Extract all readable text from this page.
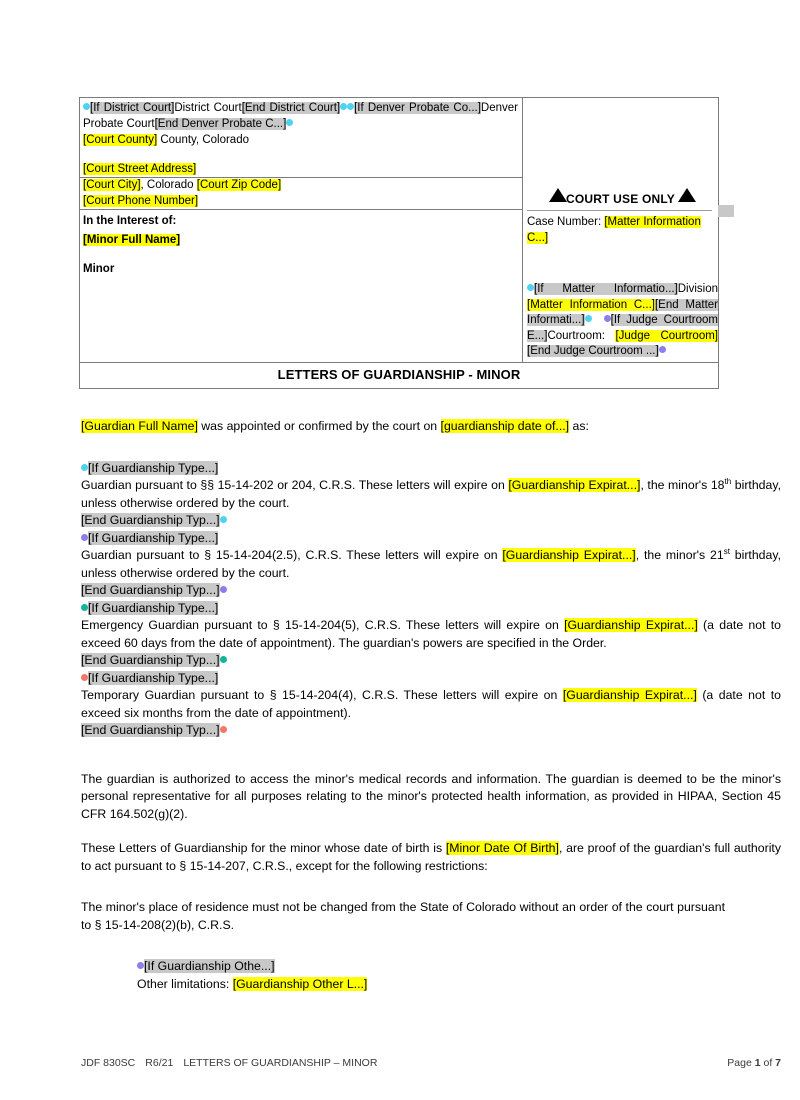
[If District Court]District Court[End District Court] [If Denver Probate Co...]Denver Probate Court[End Denver Probate C...]
[Court County] County, Colorado
[Court Street Address]
[Court City], Colorado [Court Zip Code]
[Court Phone Number]
In the Interest of:
[Minor Full Name]
Minor
COURT USE ONLY
Case Number: [Matter Information C...]
[If Matter Informatio...]Division [Matter Information C...][End Matter Informati...] [If Judge Courtroom E...]Courtroom: [Judge Courtroom][End Judge Courtroom ...]
LETTERS OF GUARDIANSHIP - MINOR

[Guardian Full Name] was appointed or confirmed by the court on [guardianship date of...] as:

[If Guardianship Type...]

Guardian pursuant to §§ 15-14-202 or 204, C.R.S. These letters will expire on [Guardianship Expirat...], the minor's 18th birthday, unless otherwise ordered by the court.

[End Guardianship Typ...]

[If Guardianship Type...]

Guardian pursuant to § 15-14-204(2.5), C.R.S. These letters will expire on [Guardianship Expirat...], the minor's 21st birthday, unless otherwise ordered by the court.

[End Guardianship Typ...]

[If Guardianship Type...]

Emergency Guardian pursuant to § 15-14-204(5), C.R.S. These letters will expire on [Guardianship Expirat...] (a date not to exceed 60 days from the date of appointment). The guardian's powers are specified in the Order.

[End Guardianship Typ...]

[If Guardianship Type...]

Temporary Guardian pursuant to § 15-14-204(4), C.R.S. These letters will expire on [Guardianship Expirat...] (a date not to exceed six months from the date of appointment).

[End Guardianship Typ...]

The guardian is authorized to access the minor's medical records and information. The guardian is deemed to be the minor's personal representative for all purposes relating to the minor's protected health information, as provided in HIPAA, Section 45 CFR 164.502(g)(2).

These Letters of Guardianship for the minor whose date of birth is [Minor Date Of Birth], are proof of the guardian's full authority to act pursuant to § 15-14-207, C.R.S., except for the following restrictions:

The minor's place of residence must not be changed from the State of Colorado without an order of the court pursuant to § 15-14-208(2)(b), C.R.S.

[If Guardianship Othe...]

Other limitations: [Guardianship Other L...]

JDF 830SC R6/21 LETTERS OF GUARDIANSHIP – MINOR	Page 1 of 7
